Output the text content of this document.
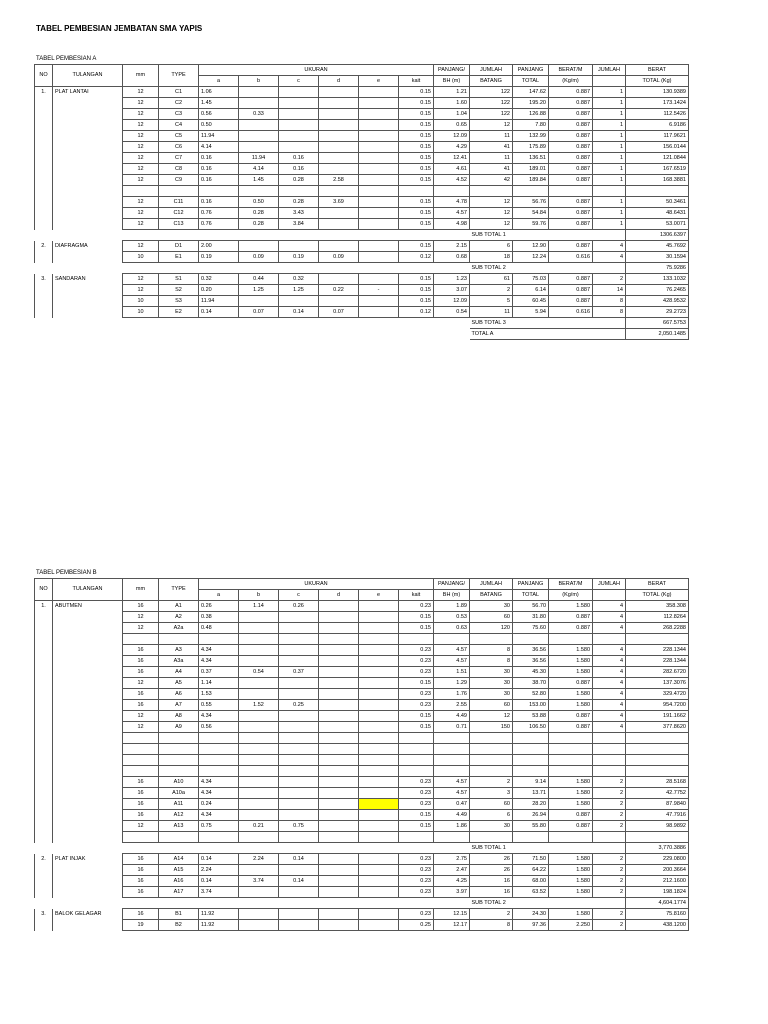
TABEL PEMBESIAN JEMBATAN SMA YAPIS
TABEL PEMBESIAN A
NO	TULANGAN	mm	TYPE	UKURAN						PANJANG/	JUMLAH	PANJANG	BERAT/M	JUMLAH	BERAT
				a	b	c	d	e	kait	BH (m)	BATANG	TOTAL	(Kg/m)		TOTAL (Kg)
1.	PLAT LANTAI	12	C1	1.06					0.15	1.21	122	147.62	0.887	1	130.9389
		12	C2	1.45					0.15	1.60	122	195.20	0.887	1	173.1424
		12	C3	0.56	0.33				0.15	1.04	122	126.88	0.887	1	112.5426
		12	C4	0.50					0.15	0.65	12	7.80	0.887	1	6.9186
		12	C5	11.94					0.15	12.09	11	132.99	0.887	1	117.9621
		12	C6	4.14					0.15	4.29	41	175.89	0.887	1	156.0144
		12	C7	0.16	11.94	0.16			0.15	12.41	11	136.51	0.887	1	121.0844
		12	C8	0.16	4.14	0.16			0.15	4.61	41	189.01	0.887	1	167.6519
		12	C9	0.16	1.45	0.28	2.58		0.15	4.52	42	189.84	0.887	1	168.3881

		12	C11	0.16	0.50	0.28	3.69		0.15	4.78	12	56.76	0.887	1	50.3461
		12	C12	0.76	0.28	3.43			0.15	4.57	12	54.84	0.887	1	48.6431
		12	C13	0.76	0.28	3.84			0.15	4.98	12	59.76	0.887	1	53.0071
											SUB TOTAL 1				1306.6397
2.	DIAFRAGMA	12	D1	2.00					0.15	2.15	6	12.90	0.887	4	45.7692
		10	E1	0.19	0.09	0.19	0.09		0.12	0.68	18	12.24	0.616	4	30.1594
											SUB TOTAL 2				75.9286
3.	SANDARAN	12	S1	0.32	0.44	0.32			0.15	1.23	61	75.03	0.887	2	133.1032
		12	S2	0.20	1.25	1.25	0.22	-	0.15	3.07	2	6.14	0.887	14	76.2465
		10	S3	11.94					0.15	12.09	5	60.45	0.887	8	428.9532
		10	E2	0.14	0.07	0.14	0.07		0.12	0.54	11	5.94	0.616	8	29.2723
											SUB TOTAL 3				667.5753
											TOTAL A				2,050.1485
TABEL PEMBESIAN B
NO	TULANGAN	mm	TYPE	UKURAN						PANJANG/	JUMLAH	PANJANG	BERAT/M	JUMLAH	BERAT
				a	b	c	d	e	kait	BH (m)	BATANG	TOTAL	(Kg/m)		TOTAL (Kg)
1.	ABUTMEN	16	A1	0.26	1.14	0.26			0.23	1.89	30	56.70	1.580	4	358.308
		12	A2	0.38					0.15	0.53	60	31.80	0.887	4	112.8264
		12	A2a	0.48					0.15	0.63	120	75.60	0.887	4	268.2288

		16	A3	4.34					0.23	4.57	8	36.56	1.580	4	228.1344
		16	A3a	4.34					0.23	4.57	8	36.56	1.580	4	228.1344
		16	A4	0.37	0.54	0.37			0.23	1.51	30	45.30	1.580	4	282.6720
		12	A5	1.14					0.15	1.29	30	38.70	0.887	4	137.3076
		16	A6	1.53					0.23	1.76	30	52.80	1.580	4	329.4720
		16	A7	0.55	1.52	0.25			0.23	2.55	60	153.00	1.580	4	954.7200
		12	A8	4.34					0.15	4.49	12	53.88	0.887	4	191.1662
		12	A9	0.56					0.15	0.71	150	106.50	0.887	4	377.8620

		16	A10	4.34					0.23	4.57	2	9.14	1.580	2	28.5168
		16	A10a	4.34					0.23	4.57	3	13.71	1.580	2	42.7752
		16	A11	0.24					0.23	0.47	60	28.20	1.580	2	87.9840
		16	A12	4.34					0.15	4.49	6	26.94	0.887	2	47.7916
		12	A13	0.75	0.21	0.75			0.15	1.86	30	55.80	0.887	2	98.9892

											SUB TOTAL 1				3,770.3886
2.	PLAT INJAK	16	A14	0.14	2.24	0.14			0.23	2.75	26	71.50	1.580	2	229.0800
		16	A15	2.24					0.23	2.47	26	64.22	1.580	2	200.3664
		16	A16	0.14	3.74	0.14			0.23	4.25	16	68.00	1.580	2	212.1600
		16	A17	3.74					0.23	3.97	16	63.52	1.580	2	198.1824
											SUB TOTAL 2				4,604.1774
3.	BALOK GELAGAR	16	B1	11.92					0.23	12.15	2	24.30	1.580	2	75.8160
		19	B2	11.92					0.25	12.17	8	97.36	2.250	2	438.1200
